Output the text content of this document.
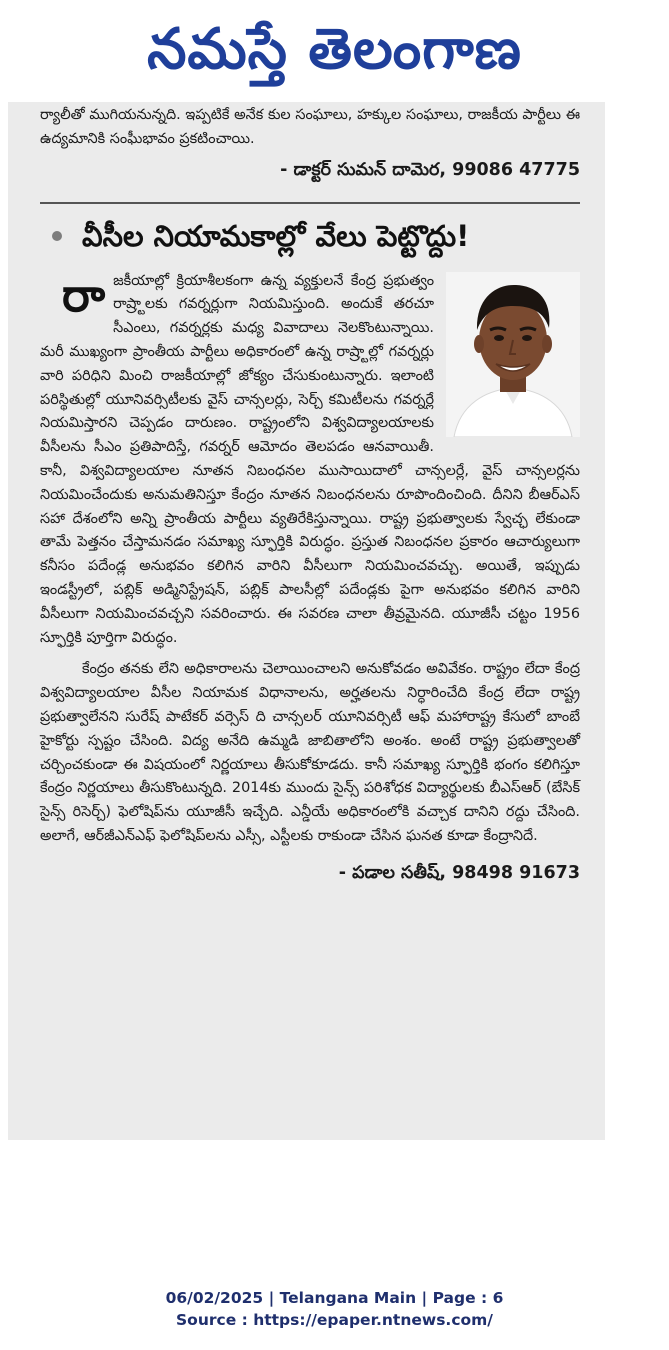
నమస్తే తెలంగాణ

ర్యాలీతో ముగియనున్నది. ఇప్పటికే అనేక కుల సంఘాలు, హక్కుల సంఘాలు, రాజకీయ పార్టీలు ఈ ఉద్యమానికి సంఘీభావం ప్రకటించాయి.

- డాక్టర్ సుమన్ దామెర, 99086 47775

వీసీల నియామకాల్లో వేలు పెట్టొద్దు!
రా జకీయాల్లో క్రియాశీలకంగా ఉన్న వ్యక్తులనే కేంద్ర ప్రభుత్వం రాష్ర్టాలకు గవర్నర్లుగా నియమిస్తుంది. అందుకే తరచూ సీఎంలు, గవర్నర్లకు మధ్య వివాదాలు నెలకొంటున్నాయి. మరీ ముఖ్యంగా ప్రాంతీయ పార్టీలు అధికారంలో ఉన్న రాష్ర్టాల్లో గవర్నర్లు వారి పరిధిని మించి రాజకీయాల్లో జోక్యం చేసుకుంటున్నారు. ఇలాంటి పరిస్థితుల్లో యూనివర్సిటీలకు వైస్ చాన్సలర్లు, సెర్చ్ కమిటీలను గవర్నర్లే నియమిస్తారని చెప్పడం దారుణం. రాష్ట్రంలోని విశ్వవిద్యాలయాలకు వీసీలను సీఎం ప్రతిపాదిస్తే, గవర్నర్ ఆమోదం తెలపడం ఆనవాయితీ. కానీ, విశ్వవిద్యాలయాల నూతన నిబంధనల ముసాయిదాలో చాన్సలర్లే, వైస్ చాన్సలర్లను నియమించేందుకు అనుమతినిస్తూ కేంద్రం నూతన నిబంధనలను రూపొందించింది. దీనిని బీఆర్ఎస్ సహా దేశంలోని అన్ని ప్రాంతీయ పార్టీలు వ్యతిరేకిస్తున్నాయి. రాష్ట్ర ప్రభుత్వాలకు స్వేచ్ఛ లేకుండా తామే పెత్తనం చేస్తామనడం సమాఖ్య స్ఫూర్తికి విరుద్ధం. ప్రస్తుత నిబంధనల ప్రకారం ఆచార్యులుగా కనీసం పదేండ్ల అనుభవం కలిగిన వారిని వీసీలుగా నియమించవచ్చు. అయితే, ఇప్పుడు ఇండస్ట్రీలో, పబ్లిక్ అడ్మినిస్ట్రేషన్, పబ్లిక్ పాలసీల్లో పదేండ్లకు పైగా అనుభవం కలిగిన వారిని వీసీలుగా నియమించవచ్చని సవరించారు. ఈ సవరణ చాలా తీవ్రమైనది. యూజీసీ చట్టం 1956 స్ఫూర్తికి పూర్తిగా విరుద్ధం.

కేంద్రం తనకు లేని అధికారాలను చెలాయించాలని అనుకోవడం అవివేకం. రాష్ట్రం లేదా కేంద్ర విశ్వవిద్యాలయాల వీసీల నియామక విధానాలను, అర్హతలను నిర్ధారించేది కేంద్ర లేదా రాష్ట్ర ప్రభుత్వాలేనని సురేష్ పాటేకర్ వర్సెస్ ది చాన్సలర్ యూనివర్సిటీ ఆఫ్ మహారాష్ట్ర కేసులో బాంబే హైకోర్టు స్పష్టం చేసింది. విద్య అనేది ఉమ్మడి జాబితాలోని అంశం. అంటే రాష్ట్ర ప్రభుత్వాలతో చర్చించకుండా ఈ విషయంలో నిర్ణయాలు తీసుకోకూడదు. కానీ సమాఖ్య స్ఫూర్తికి భంగం కలిగిస్తూ కేంద్రం నిర్ణయాలు తీసుకొంటున్నది. 2014కు ముందు సైన్స్ పరిశోధక విద్యార్థులకు బీఎస్ఆర్ (బేసిక్ సైన్స్ రిసెర్చ్) ఫెలోషిప్‌ను యూజీసీ ఇచ్చేది. ఎన్డీయే అధికారంలోకి వచ్చాక దానిని రద్దు చేసింది. అలాగే, ఆర్‌జీఎన్ఎఫ్ ఫెలోషిప్‌లను ఎస్సీ, ఎస్టీలకు రాకుండా చేసిన ఘనత కూడా కేంద్రానిదే.

- పడాల సతీష్, 98498 91673

06/02/2025 | Telangana Main | Page : 6
Source : https://epaper.ntnews.com/
